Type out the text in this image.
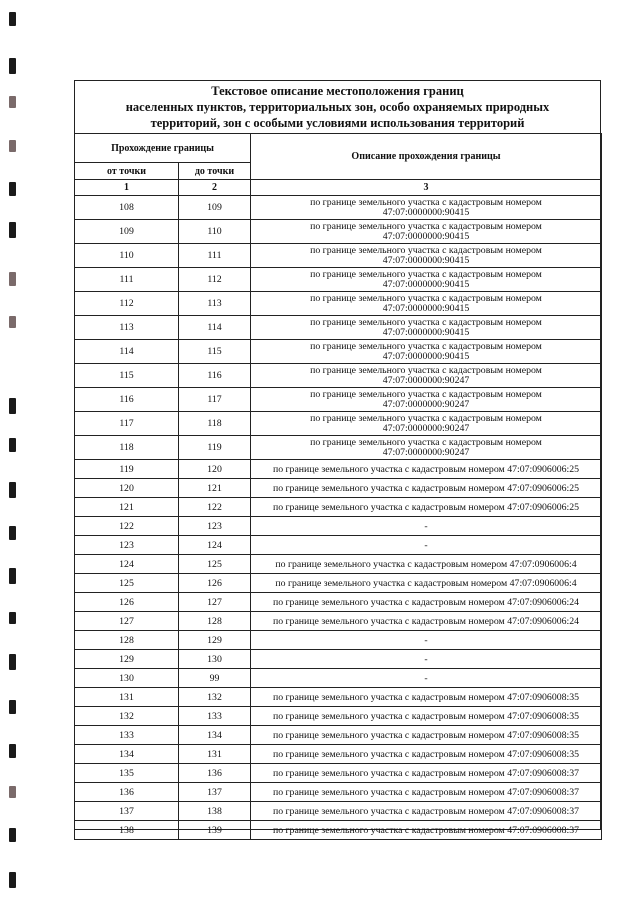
Текстовое описание местоположения границ
населенных пунктов, территориальных зон, особо охраняемых природных
территорий, зон с особыми условиями использования территорий
Прохождение границы		Описание прохождения границы
от точки	до точки	
1	2	3
108	109	по границе земельного участка с кадастровым номером
47:07:0000000:90415

109	110	по границе земельного участка с кадастровым номером
47:07:0000000:90415

110	111	по границе земельного участка с кадастровым номером
47:07:0000000:90415

111	112	по границе земельного участка с кадастровым номером
47:07:0000000:90415

112	113	по границе земельного участка с кадастровым номером
47:07:0000000:90415

113	114	по границе земельного участка с кадастровым номером
47:07:0000000:90415

114	115	по границе земельного участка с кадастровым номером
47:07:0000000:90415

115	116	по границе земельного участка с кадастровым номером
47:07:0000000:90247

116	117	по границе земельного участка с кадастровым номером
47:07:0000000:90247

117	118	по границе земельного участка с кадастровым номером
47:07:0000000:90247

118	119	по границе земельного участка с кадастровым номером
47:07:0000000:90247

119	120	по границе земельного участка с кадастровым номером 47:07:0906006:25

120	121	по границе земельного участка с кадастровым номером 47:07:0906006:25

121	122	по границе земельного участка с кадастровым номером 47:07:0906006:25

122	123	-

123	124	-

124	125	по границе земельного участка с кадастровым номером 47:07:0906006:4

125	126	по границе земельного участка с кадастровым номером 47:07:0906006:4

126	127	по границе земельного участка с кадастровым номером 47:07:0906006:24

127	128	по границе земельного участка с кадастровым номером 47:07:0906006:24

128	129	-

129	130	-

130	99	-

131	132	по границе земельного участка с кадастровым номером 47:07:0906008:35

132	133	по границе земельного участка с кадастровым номером 47:07:0906008:35

133	134	по границе земельного участка с кадастровым номером 47:07:0906008:35

134	131	по границе земельного участка с кадастровым номером 47:07:0906008:35

135	136	по границе земельного участка с кадастровым номером 47:07:0906008:37

136	137	по границе земельного участка с кадастровым номером 47:07:0906008:37

137	138	по границе земельного участка с кадастровым номером 47:07:0906008:37

138	139	по границе земельного участка с кадастровым номером 47:07:0906008:37
